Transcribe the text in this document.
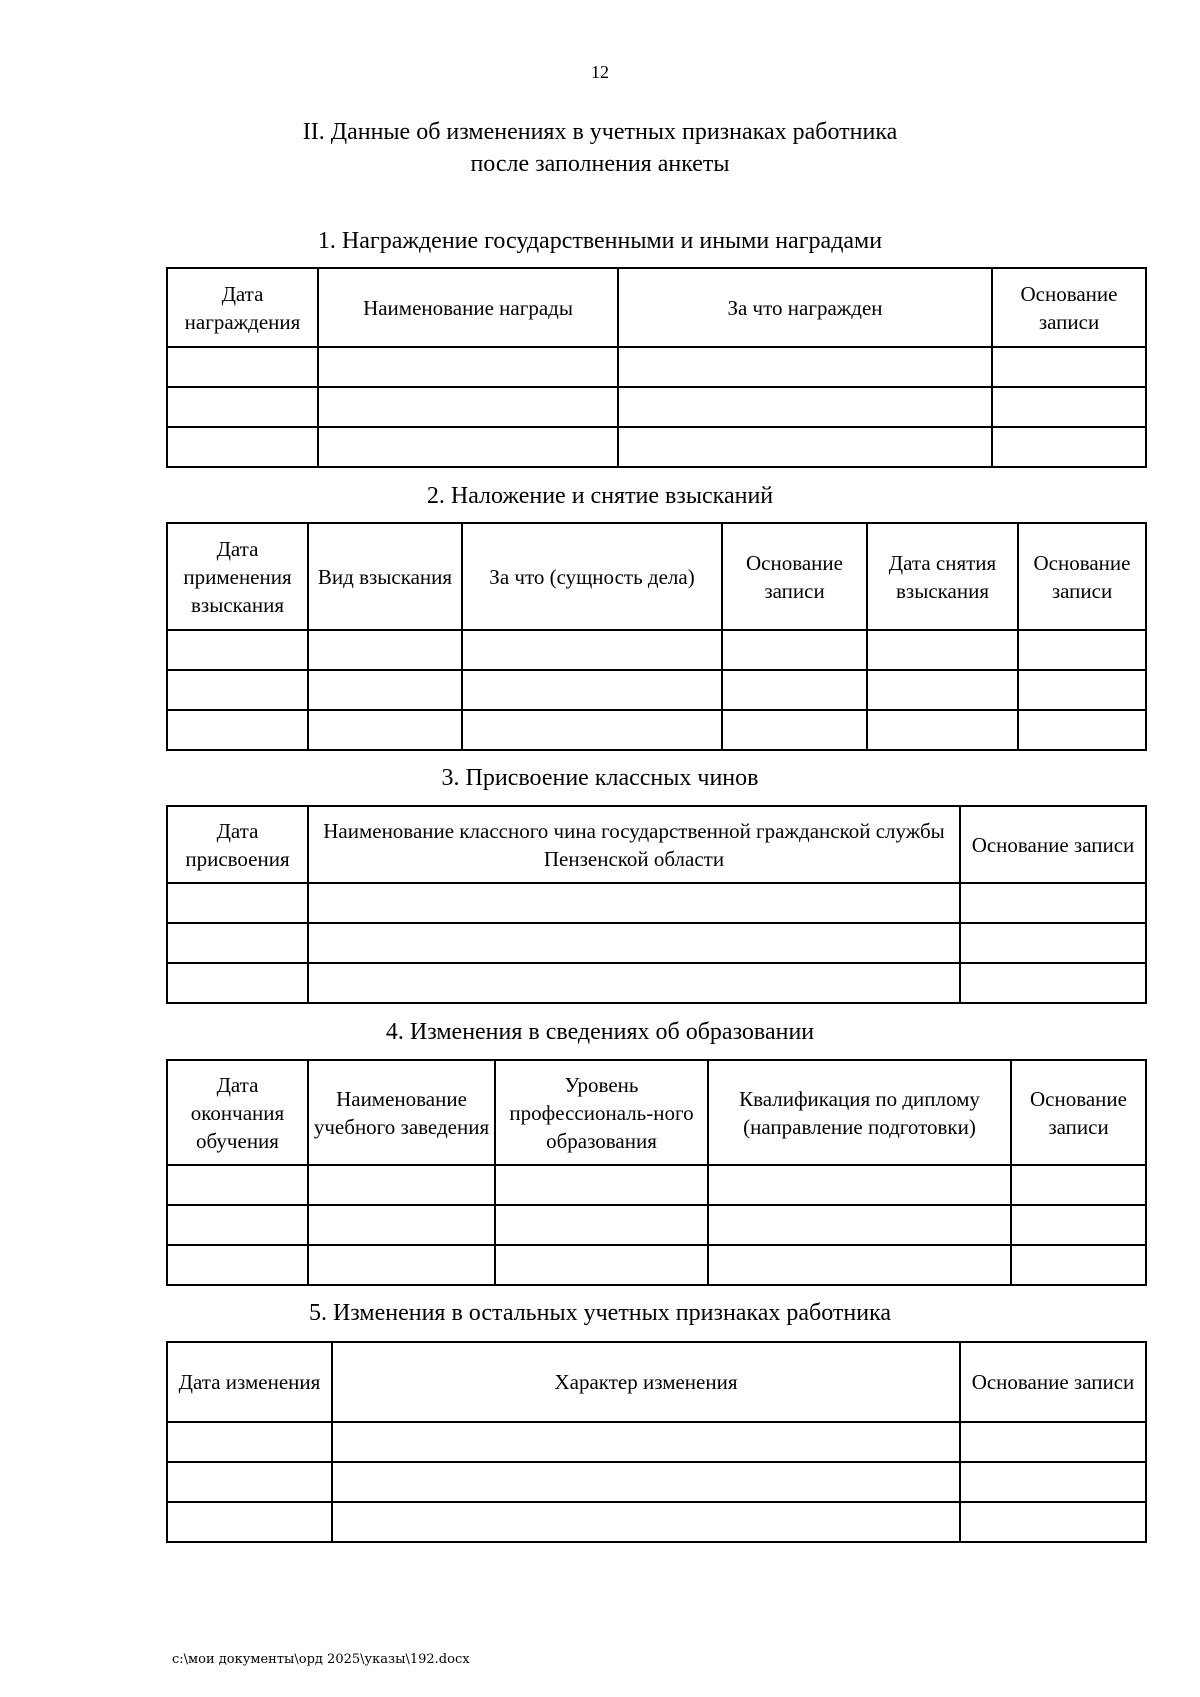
12
II. Данные об изменениях в учетных признаках работника
после заполнения анкеты
1. Награждение государственными и иными наградами
Дата награждения	Наименование награды	За что награжден	Основание записи

2. Наложение и снятие взысканий
Дата применения взыскания	Вид взыскания	За что (сущность дела)	Основание записи	Дата снятия взыскания	Основание записи

3. Присвоение классных чинов
Дата присвоения	Наименование классного чина государственной гражданской службы Пензенской области	Основание записи

4. Изменения в сведениях об образовании
Дата окончания обучения	Наименование учебного заведения	Уровень профессиональ-ного образования	Квалификация по диплому (направление подготовки)	Основание записи

5. Изменения в остальных учетных признаках работника
Дата изменения	Характер изменения	Основание записи

c:\мои документы\орд 2025\указы\192.docx
